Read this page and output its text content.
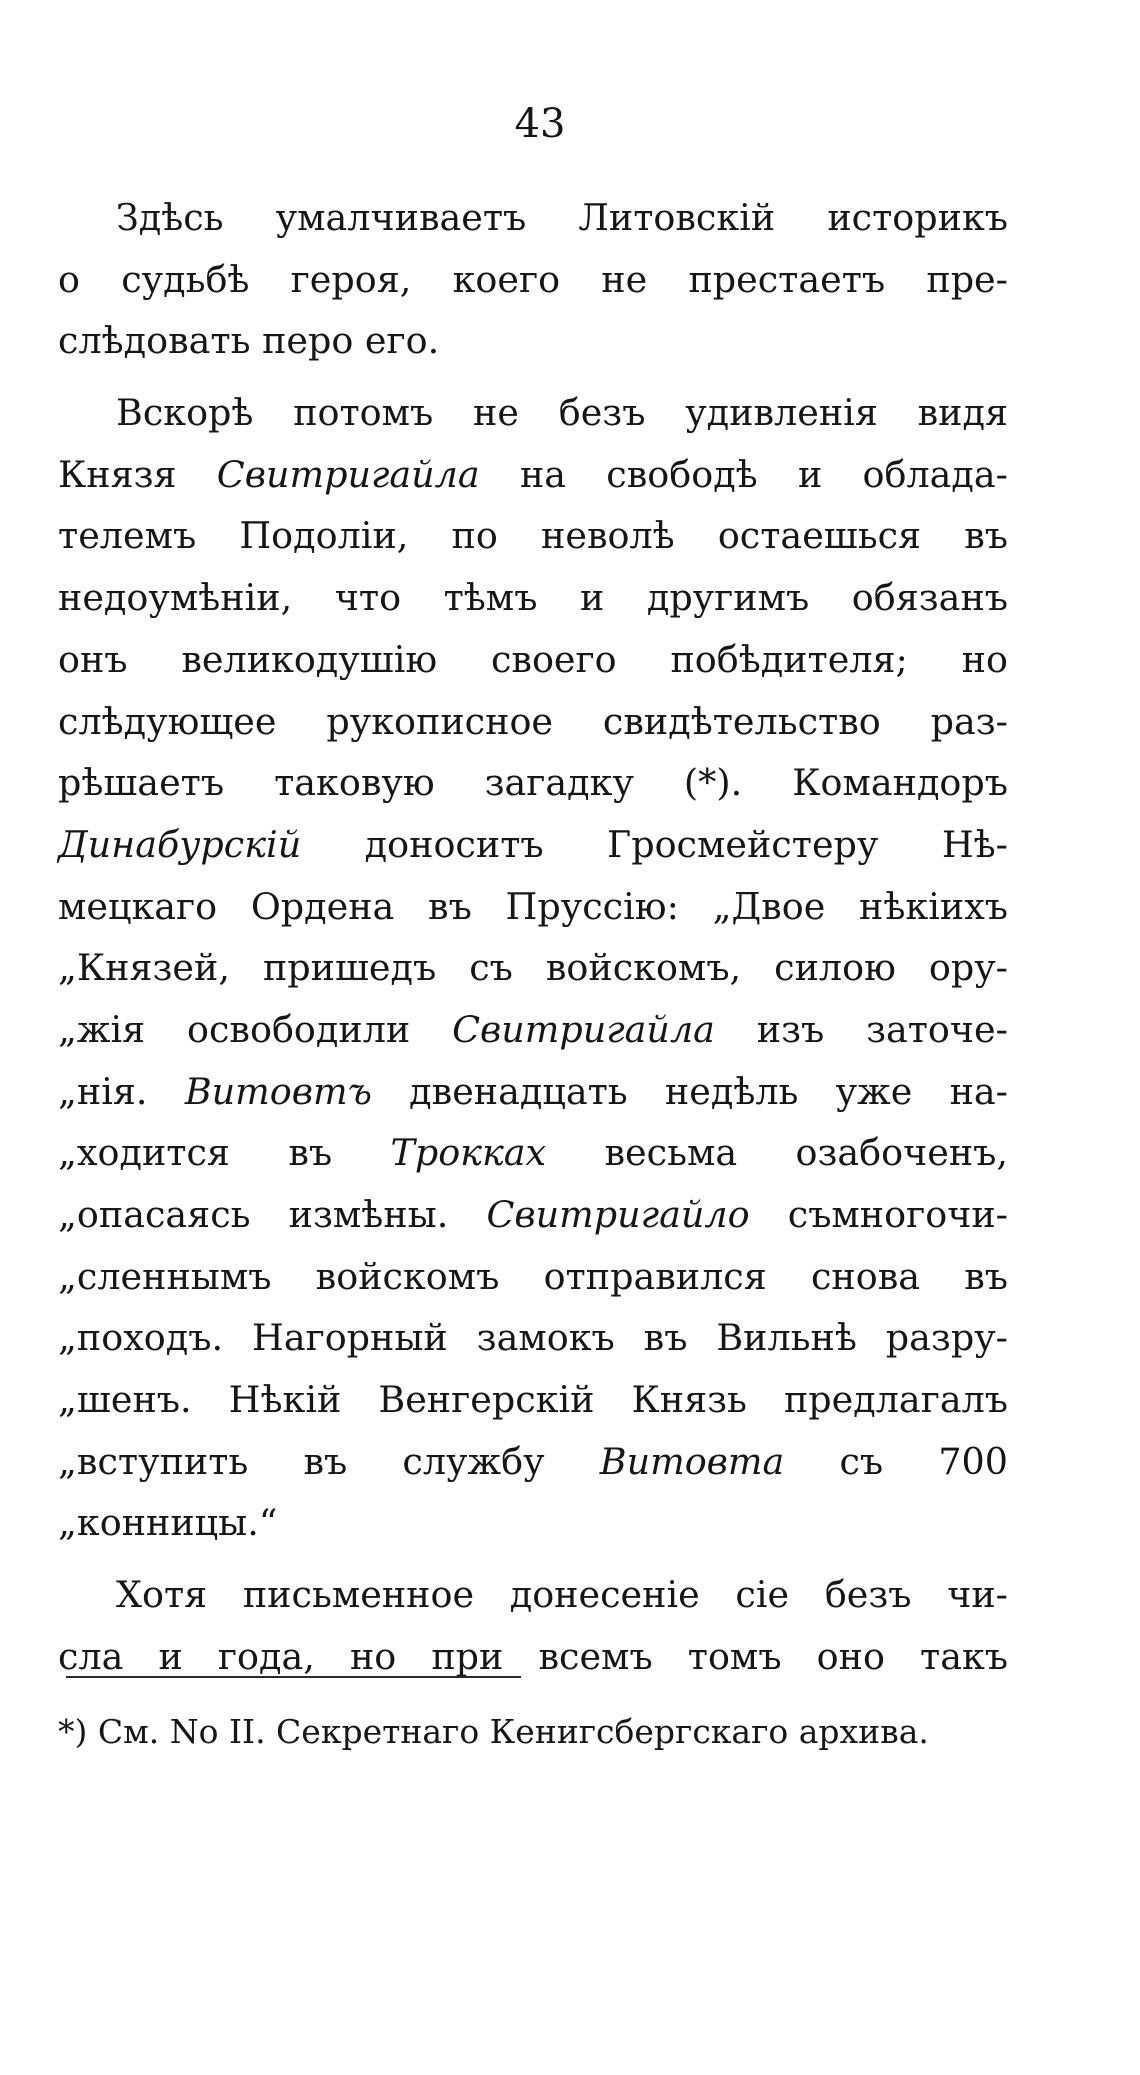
43
Здѣсь умалчиваетъ Литовскій историкъ
о судьбѣ героя, коего не престаетъ пре-
слѣдовать перо его.
Вскорѣ потомъ не безъ удивленія видя
Князя Свитригайла на свободѣ и облада-
телемъ Подоліи, по неволѣ остаешься въ
недоумѣніи, что тѣмъ и другимъ обязанъ
онъ великодушію своего побѣдителя; но
слѣдующее рукописное свидѣтельство раз-
рѣшаетъ таковую загадку (*). Командоръ
Динабурскій доноситъ Гросмейстеру Нѣ-
мецкаго Ордена въ Пруссію: „Двое нѣкіихъ
„Князей, пришедъ съ войскомъ, силою ору-
„жія освободили Свитригайла изъ заточе-
„нія. Витовтъ двенадцать недѣль уже на-
„ходится въ Трокках весьма озабоченъ,
„опасаясь измѣны. Свитригайло съмногочи-
„сленнымъ войскомъ отправился снова въ
„походъ. Нагорный замокъ въ Вильнѣ разру-
„шенъ. Нѣкій Венгерскій Князь предлагалъ
„вступить въ службу Витовта съ 700
„конницы.“
Хотя письменное донесеніе сіе безъ чи-
сла и года, но при всемъ томъ оно такъ
*) См. No II. Секретнаго Кенигсбергскаго архива.
